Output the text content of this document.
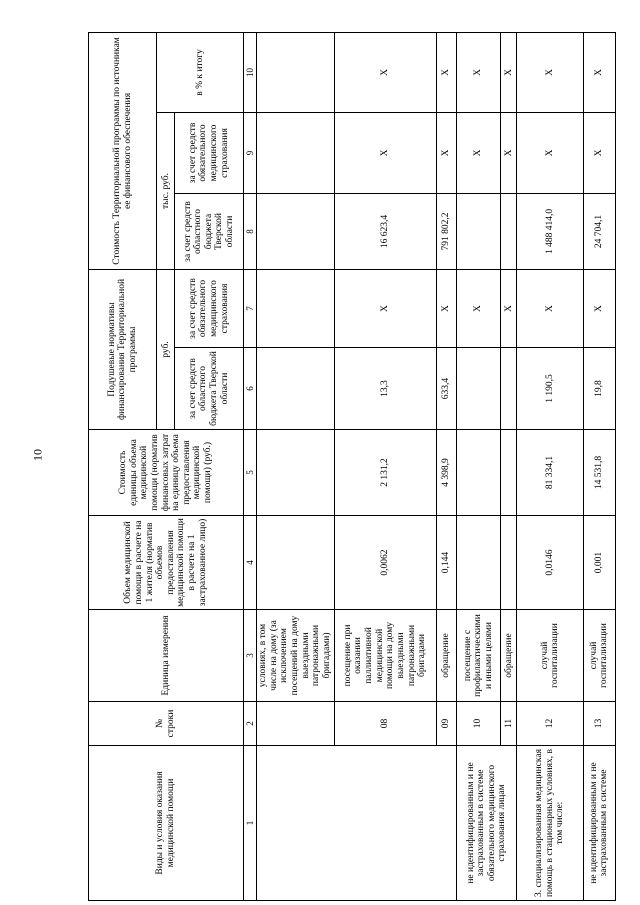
10
Виды и условия оказания медицинской помощи	№ строки	Единица измерения	Объем медицинской помощи в расчете на 1 жителя (норматив объемов предоставления медицинской помощи в расчете на 1 застрахованное лицо)	Стоимость единицы объема медицинской помощи (норматив финансовых затрат на единицу объема предоставления медицинской помощи) (руб.)	Подушевые нормативы финансирования Территориальной программы		Стоимость Территориальной программы по источникам ее финансового обеспечения		
					руб.		тыс. руб.		в % к итогу
					за счет средств областного бюджета Тверской области	за счет средств обязательного медицинского страхования	за счет средств областного бюджета Тверской области	за счет средств обязательного медицинского страхования	
1	2	3	4	5	6	7	8	9	10
		условиях, в том числе на дому (за исключением посещений на дому выездными патронажными бригадами)							
	08	посещение при оказании паллиативной медицинской помощи на дому выездными патронажными бригадами	0,0062	2 131,2	13,3	X	16 623,4	X	X
	09	обращение	0,144	4 398,9	633,4	X	791 802,2	X	X
не идентифицированным и не застрахованным в системе обязательного медицинского страхования лицам	10	посещение с профилактическими и иными целями				X		X	X
	11	обращение				X		X	X
3. специализированная медицинская помощь в стационарных условиях, в том числе:	12	случай госпитализации	0,0146	81 334,1	1 190,5	X	1 488 414,0	X	X
не идентифицированным и не застрахованным в системе	13	случай госпитализации	0,001	14 531,8	19,8	X	24 704,1	X	X
